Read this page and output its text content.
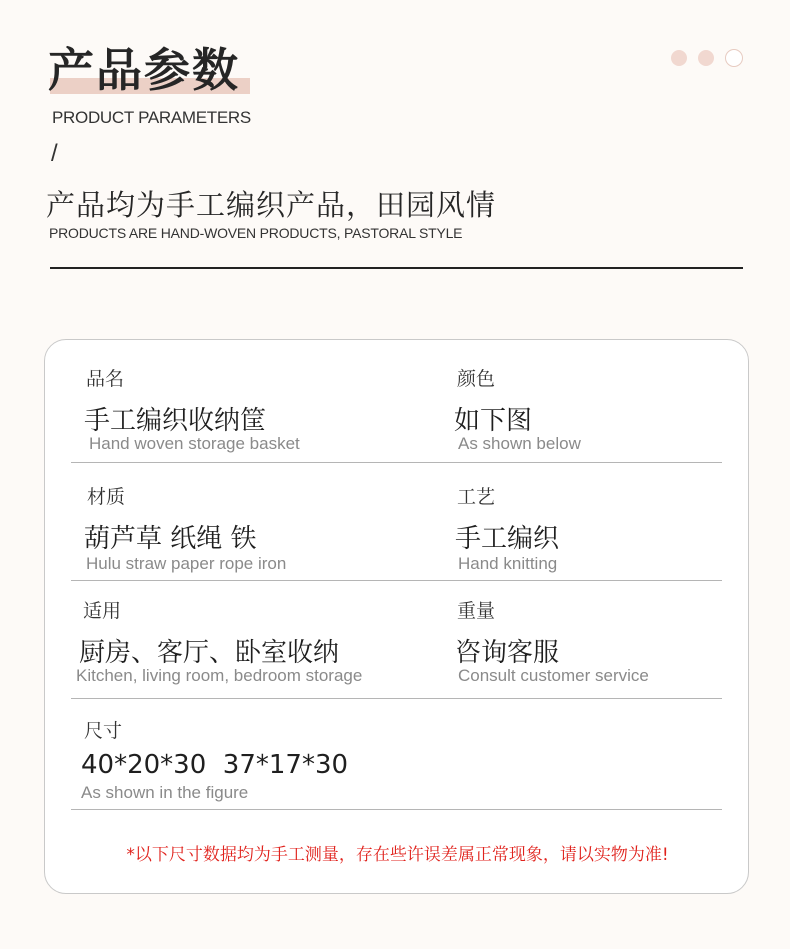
产品参数
PRODUCT PARAMETERS
/
产品均为手工编织产品，田园风情
PRODUCTS ARE HAND-WOVEN PRODUCTS, PASTORAL STYLE
品名
手工编织收纳筐
Hand woven storage basket
颜色
如下图
As shown below
材质
葫芦草 纸绳 铁
Hulu straw paper rope iron
工艺
手工编织
Hand knitting
适用
厨房、客厅、卧室收纳
Kitchen, living room, bedroom storage
重量
咨询客服
Consult customer service
尺寸
40*20*30  37*17*30
As shown in the figure
*以下尺寸数据均为手工测量，存在些许误差属正常现象，请以实物为准!
